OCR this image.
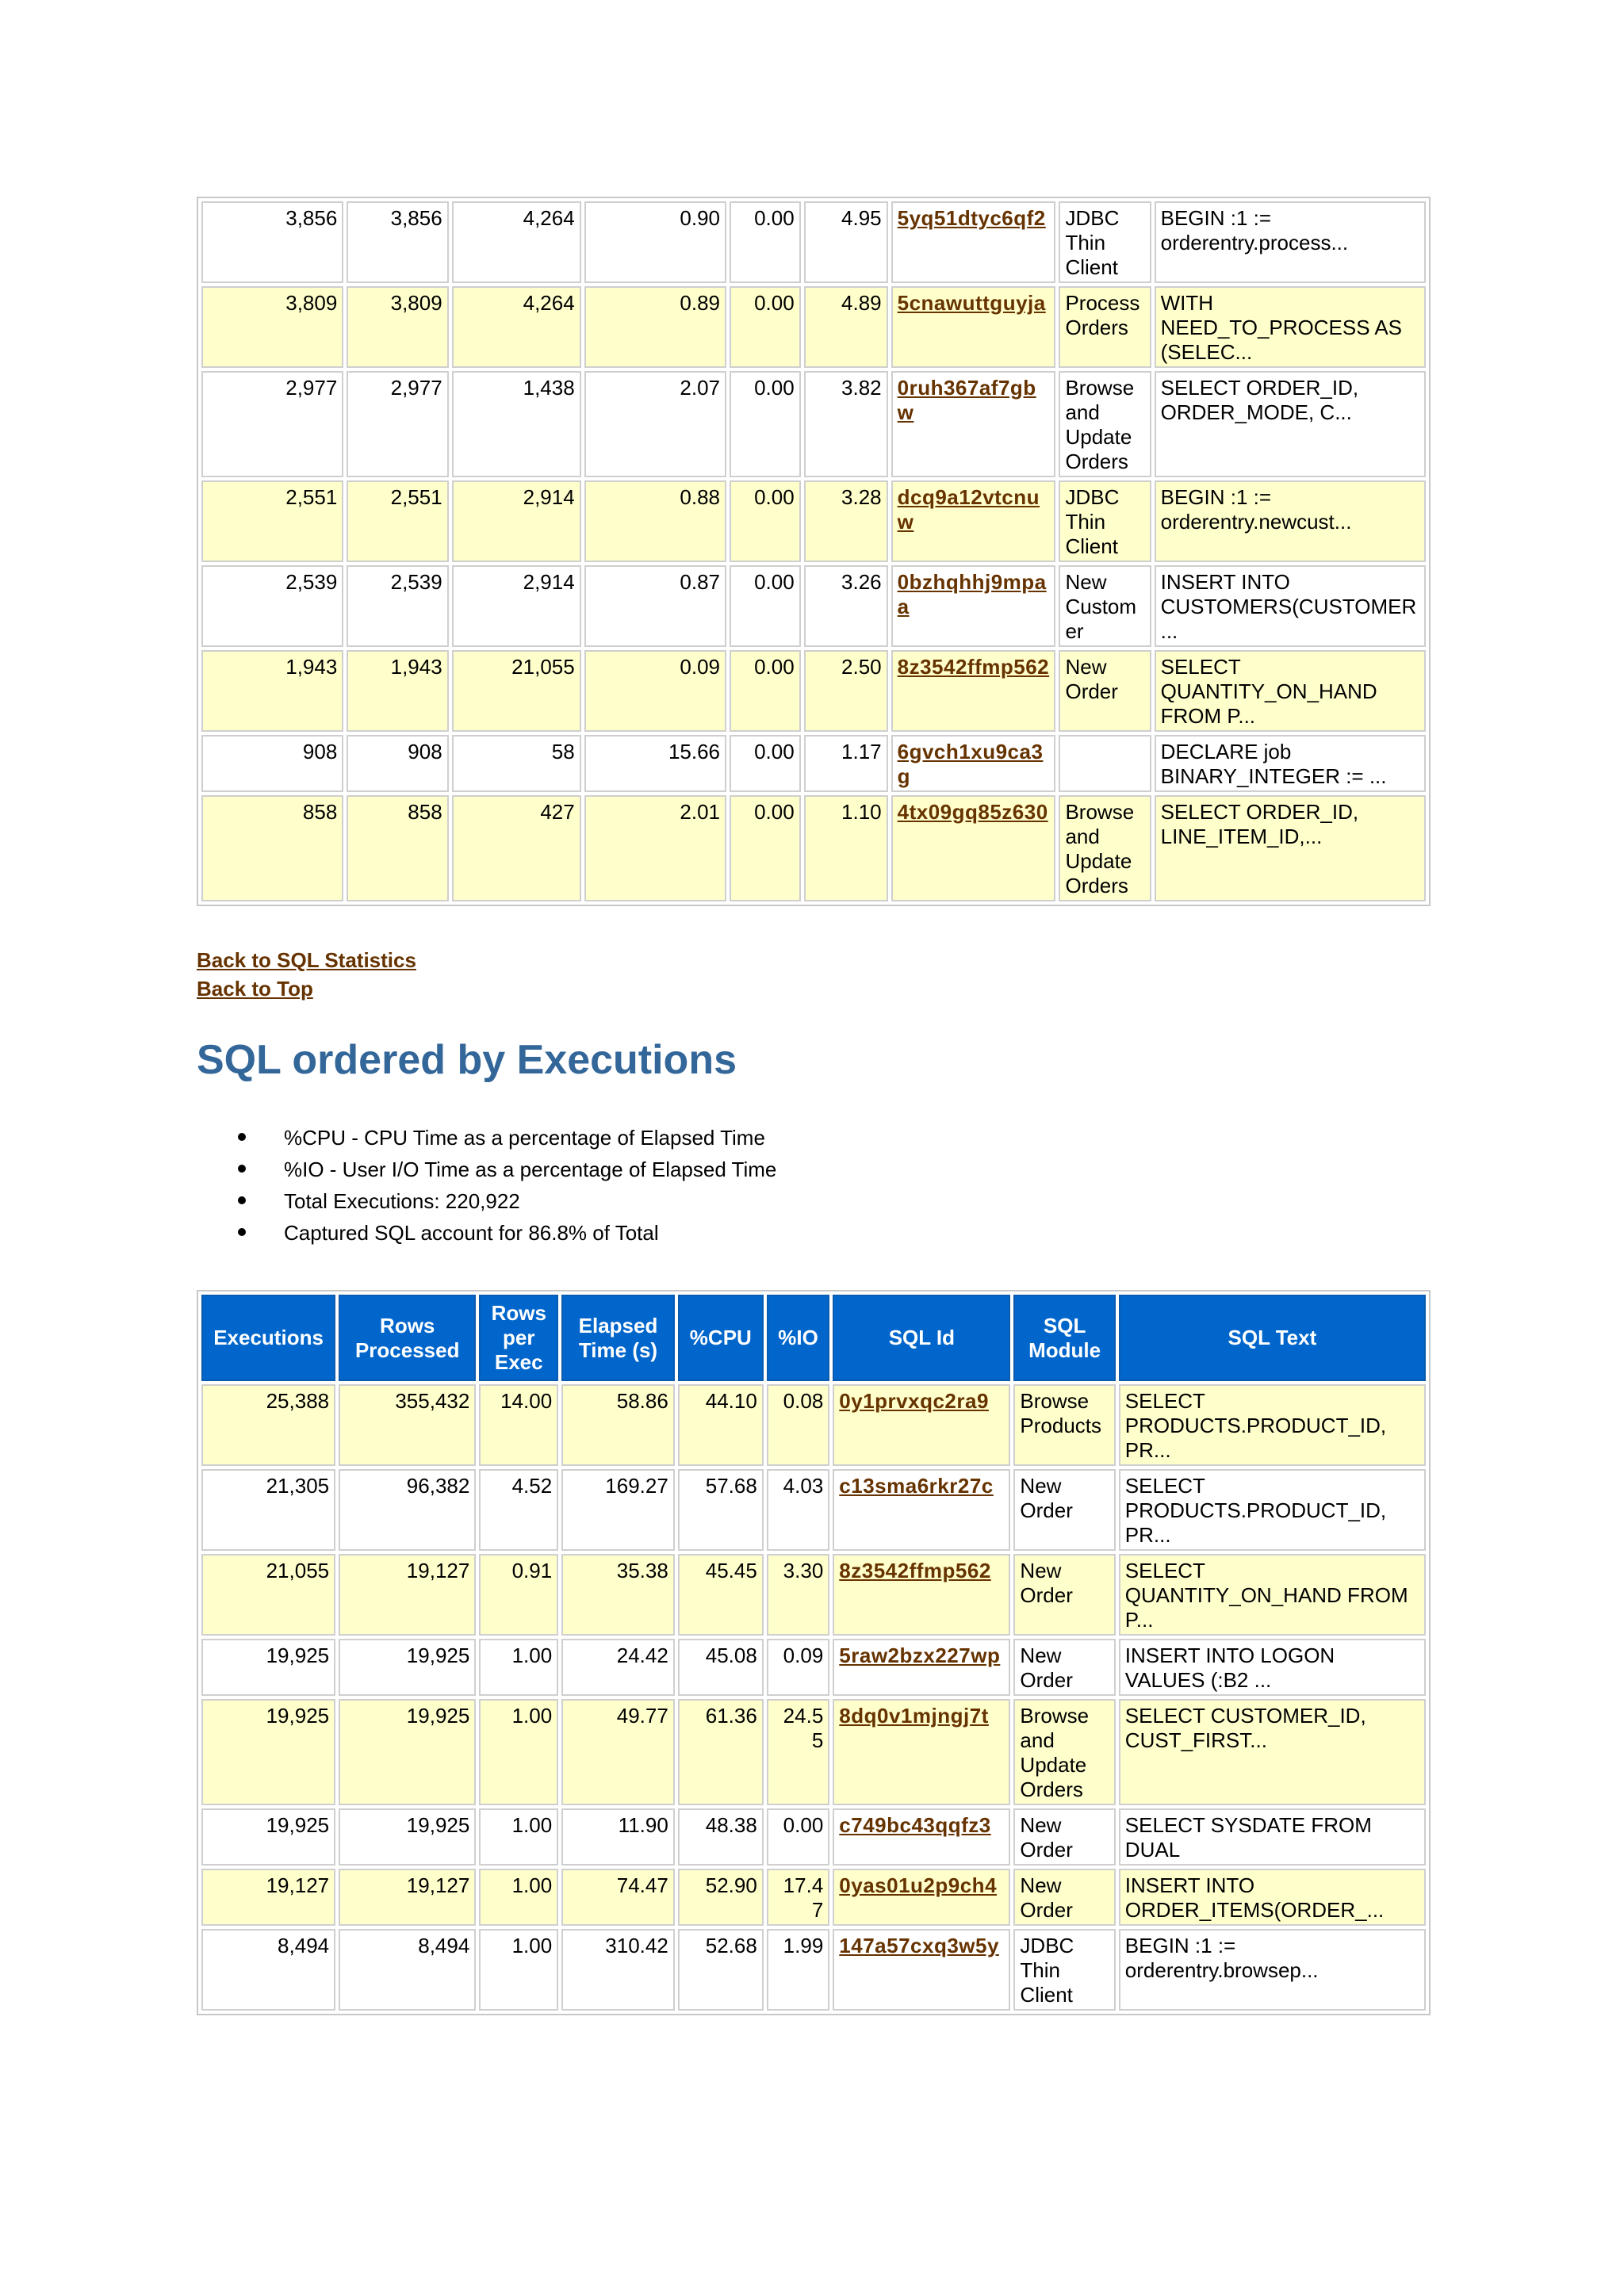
3,856	3,856	4,264	0.90	0.00	4.95	5yq51dtyc6qf2	JDBC Thin Client	BEGIN :1 := orderentry.process...
3,809	3,809	4,264	0.89	0.00	4.89	5cnawuttguyja	Process Orders	WITH NEED_TO_PROCESS AS (SELEC...
2,977	2,977	1,438	2.07	0.00	3.82	0ruh367af7gbw	Browse and Update Orders	SELECT ORDER_ID, ORDER_MODE, C...
2,551	2,551	2,914	0.88	0.00	3.28	dcq9a12vtcnuw	JDBC Thin Client	BEGIN :1 := orderentry.newcust...
2,539	2,539	2,914	0.87	0.00	3.26	0bzhqhhj9mpaa	New Customer	INSERT INTO CUSTOMERS(CUSTOMER...
1,943	1,943	21,055	0.09	0.00	2.50	8z3542ffmp562	New Order	SELECT QUANTITY_ON_HAND FROM P...
908	908	58	15.66	0.00	1.17	6gvch1xu9ca3g		DECLARE job BINARY_INTEGER := ...
858	858	427	2.01	0.00	1.10	4tx09gq85z630	Browse and Update Orders	SELECT ORDER_ID, LINE_ITEM_ID,...
Back to SQL Statistics
Back to Top
SQL ordered by Executions
%CPU - CPU Time as a percentage of Elapsed Time
%IO - User I/O Time as a percentage of Elapsed Time
Total Executions: 220,922
Captured SQL account for 86.8% of Total
Executions	Rows Processed	Rows per Exec	Elapsed Time (s)	%CPU	%IO	SQL Id	SQL Module	SQL Text
25,388	355,432	14.00	58.86	44.10	0.08	0y1prvxqc2ra9	Browse Products	SELECT PRODUCTS.PRODUCT_ID, PR...
21,305	96,382	4.52	169.27	57.68	4.03	c13sma6rkr27c	New Order	SELECT PRODUCTS.PRODUCT_ID, PR...
21,055	19,127	0.91	35.38	45.45	3.30	8z3542ffmp562	New Order	SELECT QUANTITY_ON_HAND FROM P...
19,925	19,925	1.00	24.42	45.08	0.09	5raw2bzx227wp	New Order	INSERT INTO LOGON VALUES (:B2 ...
19,925	19,925	1.00	49.77	61.36	24.55	8dq0v1mjngj7t	Browse and Update Orders	SELECT CUSTOMER_ID, CUST_FIRST...
19,925	19,925	1.00	11.90	48.38	0.00	c749bc43qqfz3	New Order	SELECT SYSDATE FROM DUAL
19,127	19,127	1.00	74.47	52.90	17.47	0yas01u2p9ch4	New Order	INSERT INTO ORDER_ITEMS(ORDER_...
8,494	8,494	1.00	310.42	52.68	1.99	147a57cxq3w5y	JDBC Thin Client	BEGIN :1 := orderentry.browsep...
